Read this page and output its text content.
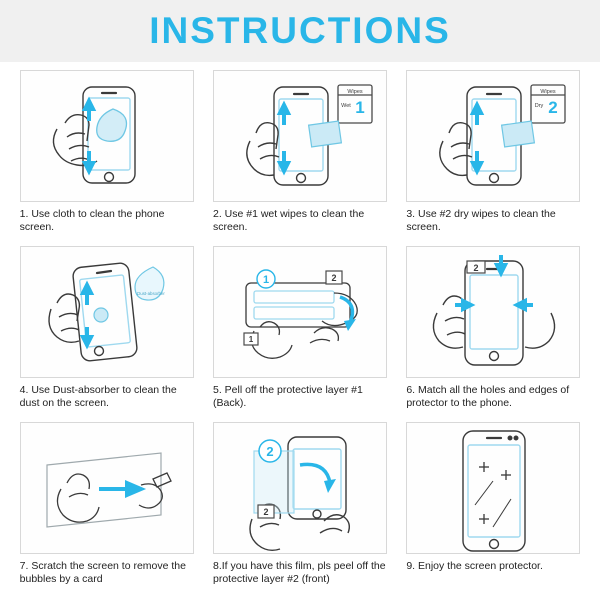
INSTRUCTIONS
1. Use cloth to clean the phone screen.
Wipes
Wet 1
2. Use #1 wet wipes to clean the screen.
Wipes
Dry 2
3. Use #2 dry wipes to clean the screen.
Dust-absorber
4. Use Dust-absorber to clean the dust on the screen.
1	2
1
5. Pell off the protective layer #1 (Back).
2
6. Match all the holes and edges of protector to the phone.
7. Scratch the screen to remove the bubbles by a card
2
2
8.If you have this film, pls peel off the protective layer #2 (front)
9. Enjoy the screen protector.
